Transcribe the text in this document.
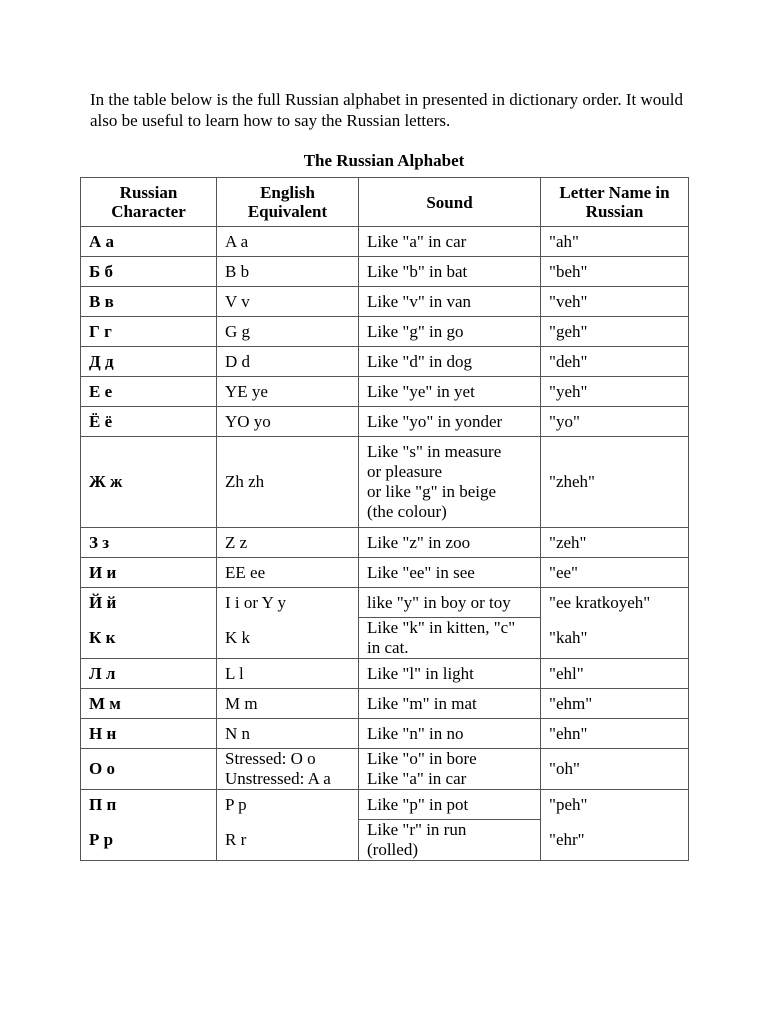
In the table below is the full Russian alphabet in presented in dictionary order. It would also be useful to learn how to say the Russian letters.

The Russian Alphabet

Russian Character	English Equivalent	Sound	Letter Name in Russian
А а	A a	Like "a" in car	"ah"
Б б	B b	Like "b" in bat	"beh"
В в	V v	Like "v" in van	"veh"
Г г	G g	Like "g" in go	"geh"
Д д	D d	Like "d" in dog	"deh"
Е е	YE ye	Like "ye" in yet	"yeh"
Ё ё	YO yo	Like "yo" in yonder	"yo"
Ж ж	Zh zh	Like "s" in measure
or pleasure
or like "g" in beige
(the colour)	"zheh"
З з	Z z	Like "z" in zoo	"zeh"
И и	EE ee	Like "ee" in see	"ee"
Й й	I i or Y y	like "y" in boy or toy	"ee kratkoyeh"
К к	K k	Like "k" in kitten, "c"
in cat.	"kah"
Л л	L l	Like "l" in light	"ehl"
М м	M m	Like "m" in mat	"ehm"
Н н	N n	Like "n" in no	"ehn"
О о	Stressed: O o
Unstressed: A a	Like "o" in bore
Like "a" in car	"oh"
П п	P p	Like "p" in pot	"peh"
Р р	R r	Like "r" in run
(rolled)	"ehr"
